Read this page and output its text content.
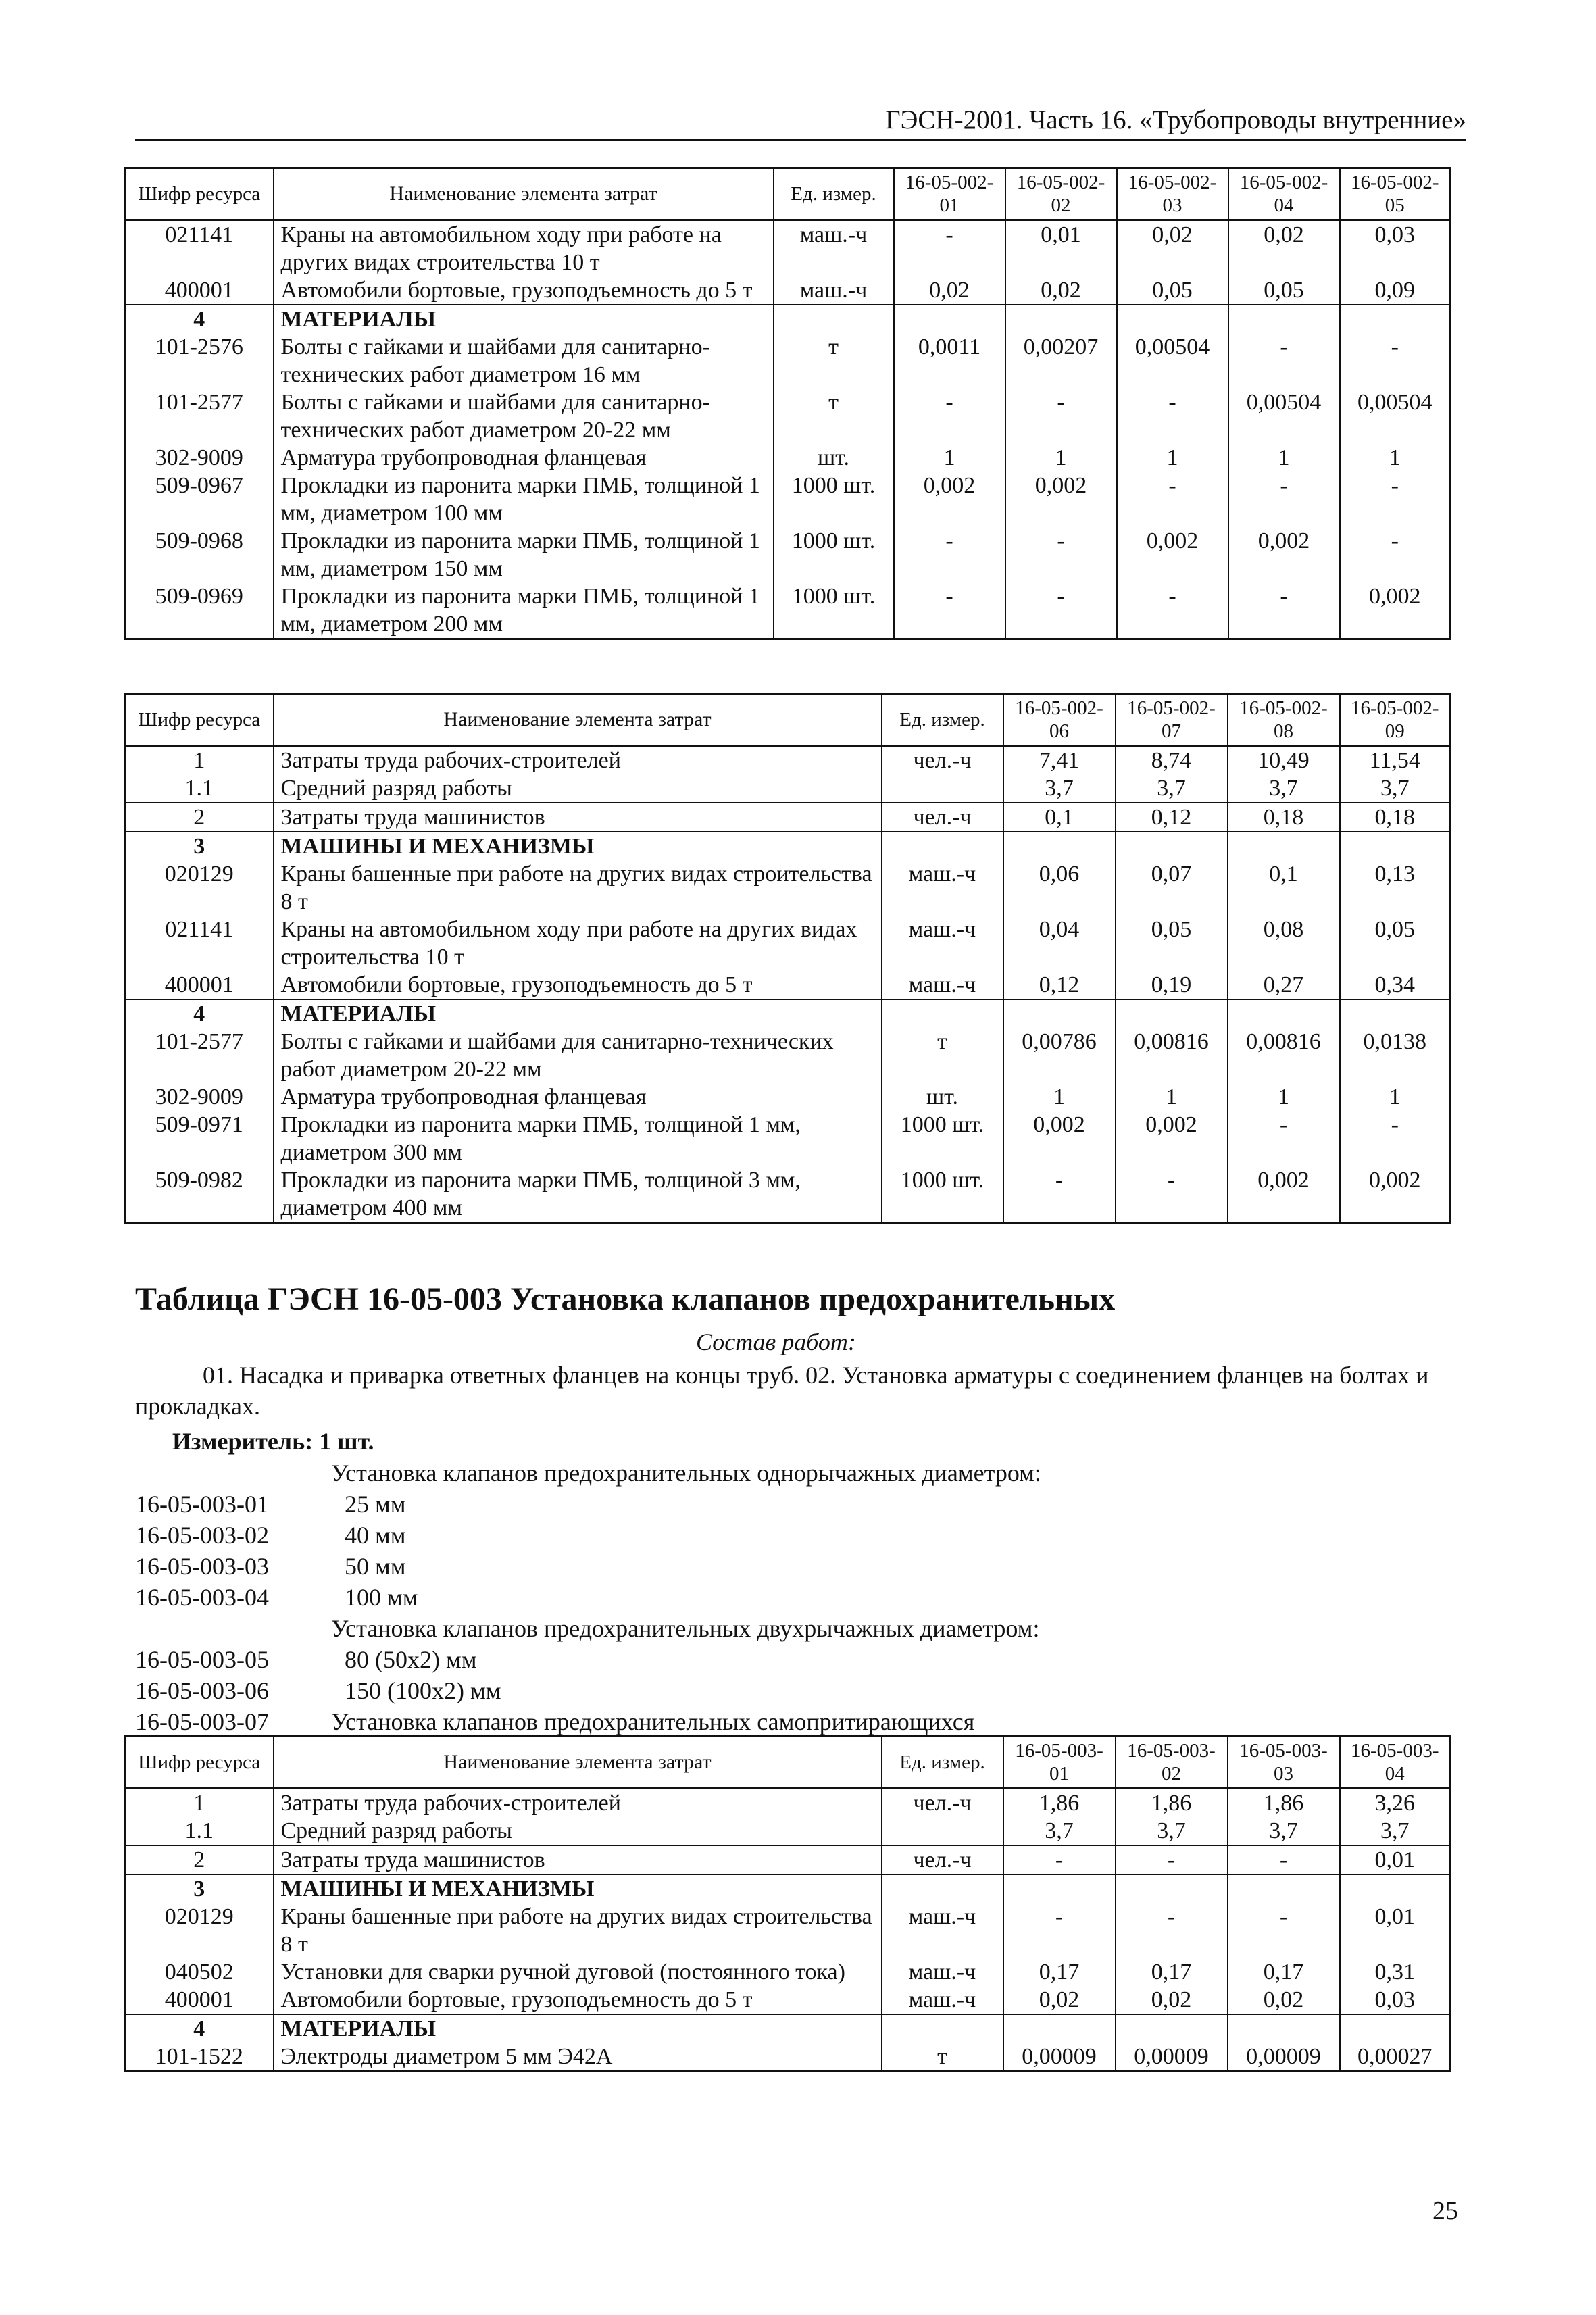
ГЭСН-2001. Часть 16. «Трубопроводы внутренние»
Шифр ресурса	Наименование элемента затрат	Ед. измер.	16-05-002-01	16-05-002-02	16-05-002-03	16-05-002-04	16-05-002-05
021141	Краны на автомобильном ходу при работе на других видах строительства 10 т	маш.-ч	-	0,01	0,02	0,02	0,03
400001	Автомобили бортовые, грузоподъемность до 5 т	маш.-ч	0,02	0,02	0,05	0,05	0,09
4	МАТЕРИАЛЫ						
101-2576	Болты с гайками и шайбами для санитарно-технических работ диаметром 16 мм	т	0,0011	0,00207	0,00504	-	-
101-2577	Болты с гайками и шайбами для санитарно-технических работ диаметром 20-22 мм	т	-	-	-	0,00504	0,00504
302-9009	Арматура трубопроводная фланцевая	шт.	1	1	1	1	1
509-0967	Прокладки из паронита марки ПМБ, толщиной 1 мм, диаметром 100 мм	1000 шт.	0,002	0,002	-	-	-
509-0968	Прокладки из паронита марки ПМБ, толщиной 1 мм, диаметром 150 мм	1000 шт.	-	-	0,002	0,002	-
509-0969	Прокладки из паронита марки ПМБ, толщиной 1 мм, диаметром 200 мм	1000 шт.	-	-	-	-	0,002
Шифр ресурса	Наименование элемента затрат	Ед. измер.	16-05-002-06	16-05-002-07	16-05-002-08	16-05-002-09
1	Затраты труда рабочих-строителей	чел.-ч	7,41	8,74	10,49	11,54
1.1	Средний разряд работы		3,7	3,7	3,7	3,7
2	Затраты труда машинистов	чел.-ч	0,1	0,12	0,18	0,18
3	МАШИНЫ И МЕХАНИЗМЫ					
020129	Краны башенные при работе на других видах строительства 8 т	маш.-ч	0,06	0,07	0,1	0,13
021141	Краны на автомобильном ходу при работе на других видах строительства 10 т	маш.-ч	0,04	0,05	0,08	0,05
400001	Автомобили бортовые, грузоподъемность до 5 т	маш.-ч	0,12	0,19	0,27	0,34
4	МАТЕРИАЛЫ					
101-2577	Болты с гайками и шайбами для санитарно-технических работ диаметром 20-22 мм	т	0,00786	0,00816	0,00816	0,0138
302-9009	Арматура трубопроводная фланцевая	шт.	1	1	1	1
509-0971	Прокладки из паронита марки ПМБ, толщиной 1 мм, диаметром 300 мм	1000 шт.	0,002	0,002	-	-
509-0982	Прокладки из паронита марки ПМБ, толщиной 3 мм, диаметром 400 мм	1000 шт.	-	-	0,002	0,002
Таблица ГЭСН 16-05-003 Установка клапанов предохранительных
Состав работ:
01. Насадка и приварка ответных фланцев на концы труб. 02. Установка арматуры с соединением фланцев на болтах и прокладках.
Измеритель: 1 шт.
Установка клапанов предохранительных однорычажных диаметром:
16-05-003-01	25 мм
16-05-003-02	40 мм
16-05-003-03	50 мм
16-05-003-04	100 мм
Установка клапанов предохранительных двухрычажных диаметром:
16-05-003-05	80 (50х2) мм
16-05-003-06	150 (100х2) мм
16-05-003-07	Установка клапанов предохранительных самопритирающихся
Шифр ресурса	Наименование элемента затрат	Ед. измер.	16-05-003-01	16-05-003-02	16-05-003-03	16-05-003-04
1	Затраты труда рабочих-строителей	чел.-ч	1,86	1,86	1,86	3,26
1.1	Средний разряд работы		3,7	3,7	3,7	3,7
2	Затраты труда машинистов	чел.-ч	-	-	-	0,01
3	МАШИНЫ И МЕХАНИЗМЫ					
020129	Краны башенные при работе на других видах строительства 8 т	маш.-ч	-	-	-	0,01
040502	Установки для сварки ручной дуговой (постоянного тока)	маш.-ч	0,17	0,17	0,17	0,31
400001	Автомобили бортовые, грузоподъемность до 5 т	маш.-ч	0,02	0,02	0,02	0,03
4	МАТЕРИАЛЫ					
101-1522	Электроды диаметром 5 мм Э42А	т	0,00009	0,00009	0,00009	0,00027
25
